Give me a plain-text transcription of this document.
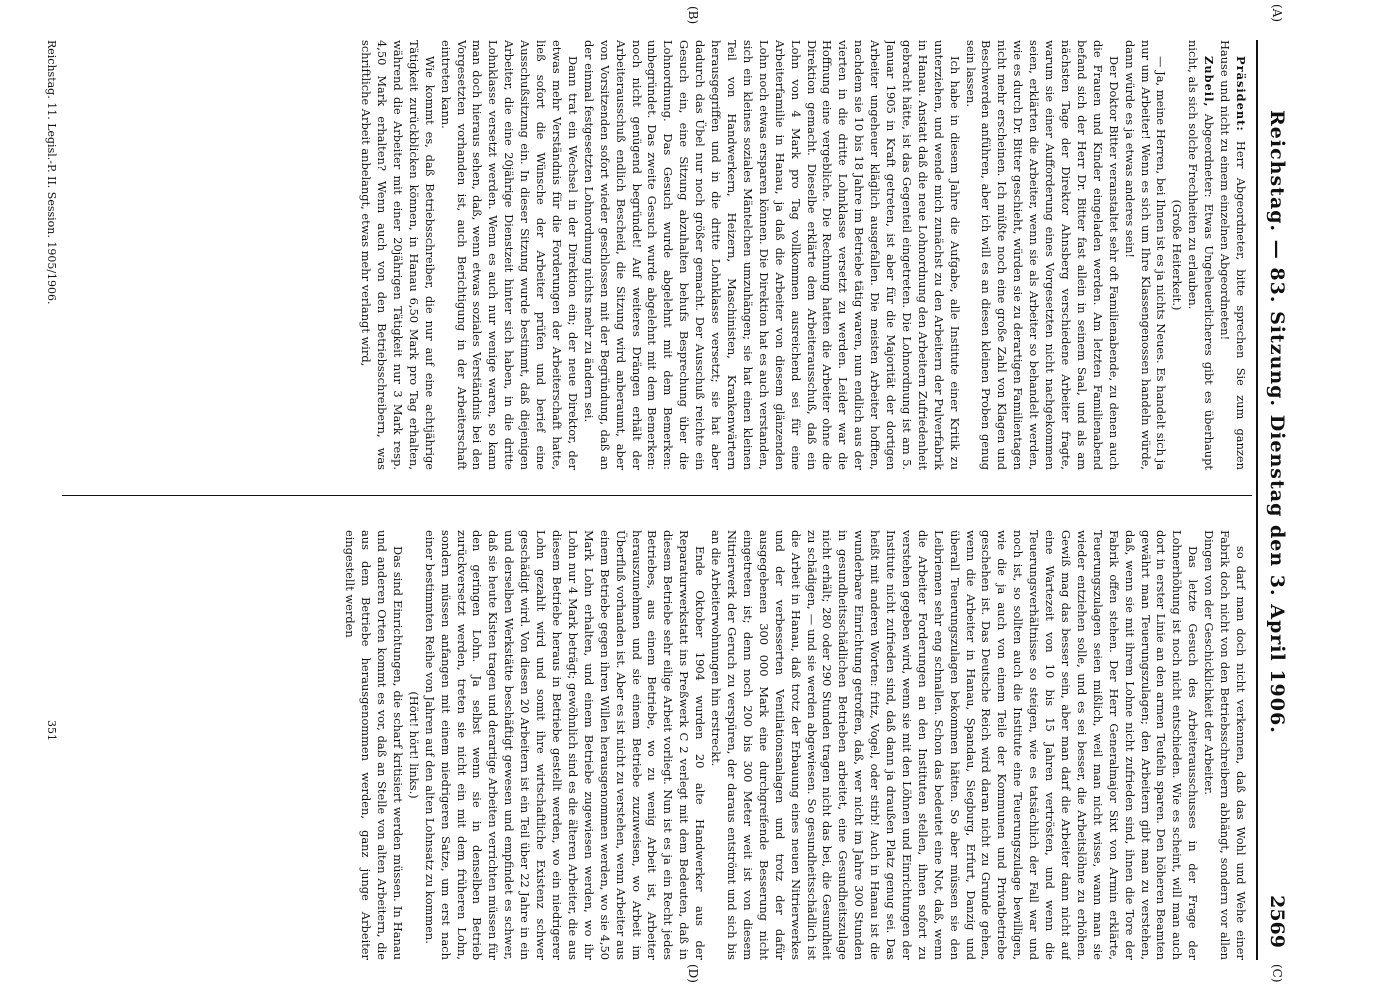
Reichstag. — 83. Sitzung. Dienstag den 3. April 1906.
2569
(A)
(B)
(C)
(D)

Präsident: Herr Abgeordneter, bitte sprechen Sie zum ganzen Hause und nicht zu einem einzelnen Abgeordneten!

Zubeil, Abgeordneter: Etwas Ungeheuerlicheres gibt es überhaupt nicht, als sich solche Frechheiten zu erlauben.

(Große Heiterkeit.)

— Ja, meine Herren, bei Ihnen ist es ja nichts Neues. Es handelt sich ja nur um Arbeiter! Wenn es sich um Ihre Klassengenossen handeln würde, dann würde es ja etwas anderes sein!

Der Doktor Bitter veranstaltet sehr oft Familienabende, zu denen auch die Frauen und Kinder eingeladen werden. Am letzten Familienabend befand sich der Herr Dr. Bitter fast allein in seinem Saal, und als am nächsten Tage der Direktor Ahnsberg verschiedene Arbeiter fragte, warum sie einer Aufforderung eines Vorgesetzten nicht nachgekommen seien, erklärten die Arbeiter, wenn sie als Arbeiter so behandelt werden, wie es durch Dr. Bitter geschieht, würden sie zu derartigen Familientagen nicht mehr erscheinen. Ich müßte noch eine große Zahl von Klagen und Beschwerden anführen, aber ich will es an diesen kleinen Proben genug sein lassen.

Ich habe in diesem Jahre die Aufgabe, alle Institute einer Kritik zu unterziehen, und wende mich zunächst zu den Arbeitern der Pulverfabrik in Hanau. Anstatt daß die neue Lohnordnung den Arbeitern Zufriedenheit gebracht hätte, ist das Gegenteil eingetreten. Die Lohnordnung ist am 5. Januar 1905 in Kraft getreten, ist aber für die Majorität der dortigen Arbeiter ungeheuer kläglich ausgefallen. Die meisten Arbeiter hofften, nachdem sie 10 bis 18 Jahre im Betriebe tätig waren, nun endlich aus der vierten in die dritte Lohnklasse versetzt zu werden. Leider war die Hoffnung eine vergebliche. Die Rechnung hatten die Arbeiter ohne die Direktion gemacht. Dieselbe erklärte dem Arbeiterausschuß, daß ein Lohn von 4 Mark pro Tag vollkommen ausreichend sei für eine Arbeiterfamilie in Hanau, ja daß die Arbeiter von diesem glänzenden Lohn noch etwas ersparen können. Die Direktion hat es auch verstanden, sich ein kleines soziales Mäntelchen umzuhängen; sie hat einen kleinen Teil von Handwerkern, Heizern, Maschinisten, Krankenwärtern herausgegriffen und in die dritte Lohnklasse versetzt; sie hat aber dadurch das Übel nur noch größer gemacht. Der Ausschuß reichte ein Gesuch ein, eine Sitzung abzuhalten behufs Besprechung über die Lohnordnung. Das Gesuch wurde abgelehnt mit dem Bemerken: unbegründet. Das zweite Gesuch wurde abgelehnt mit dem Bemerken: noch nicht genügend begründet! Auf weiteres Drängen erhält der Arbeiterausschuß endlich Bescheid, die Sitzung wird anberaumt, aber von Vorsitzenden sofort wieder geschlossen mit der Begründung, daß an der einmal festgesetzten Lohnordnung nichts mehr zu ändern sei.

Dann trat ein Wechsel in der Direktion ein; der neue Direktor, der etwas mehr Verständnis für die Forderungen der Arbeiterschaft hatte, ließ sofort die Wünsche der Arbeiter prüfen und berief eine Ausschußsitzung ein. In dieser Sitzung wurde bestimmt, daß diejenigen Arbeiter, die eine 20jährige Dienstzeit hinter sich haben, in die dritte Lohnklasse versetzt werden. Wenn es auch nur wenige waren, so kann man doch hieraus sehen, daß, wenn etwas soziales Verständnis bei den Vorgesetzten vorhanden ist, auch Berichtigung in der Arbeiterschaft eintreten kann.

Wie kommt es, daß Betriebsschreiber, die nur auf eine achtjährige Tätigkeit zurückblicken können, in Hanau 6,50 Mark pro Tag erhalten, während die Arbeiter mit einer 20jährigen Tätigkeit nur 3 Mark resp. 4,50 Mark erhalten? Wenn auch von den Betriebsschreibern, was schriftliche Arbeit anbelangt, etwas mehr verlangt wird,

so darf man doch nicht verkennen, daß das Wohl und Wehe einer Fabrik doch nicht von den Betriebsschreibern abhängt, sondern vor allen Dingen von der Geschicklichkeit der Arbeiter.

Das letzte Gesuch des Arbeiterausschusses in der Frage der Lohnerhöhung ist noch nicht entschieden. Wie es scheint, will man auch dort in erster Linie an den armen Teufeln sparen. Den höheren Beamten gewährt man Teuerungszulagen; den Arbeitern gibt man zu verstehen, daß, wenn sie mit ihrem Lohne nicht zufrieden sind, ihnen die Tore der Fabrik offen stehen. Der Herr Generalmajor Sixt von Armin erklärte, Teuerungszulagen seien mißlich, weil man nicht wisse, wann man sie wieder entziehen solle, und es sei besser, die Arbeitslöhne zu erhöhen. Gewiß mag das besser sein, aber man darf die Arbeiter dann nicht auf eine Wartezeit von 10 bis 15 Jahren vertrösten, und wenn die Teuerungsverhältnisse so steigen, wie es tatsächlich der Fall war und noch ist, so sollten auch die Institute eine Teuerungszulage bewilligen, wie die ja auch von einem Teile der Kommunen und Privatbetriebe geschehen ist. Das Deutsche Reich wird daran nicht zu Grunde gehen, wenn die Arbeiter in Hanau, Spandau, Siegburg, Erfurt, Danzig und überall Teuerungszulagen bekommen hätten. So aber müssen sie den Leibriemen sehr eng schnallen. Schon das bedeutet eine Not, daß, wenn die Arbeiter Forderungen an den Instituten stellen, ihnen sofort zu verstehen gegeben wird, wenn sie mit den Löhnen und Einrichtungen der Institute nicht zufrieden sind, daß dann ja draußen Platz genug sei. Das heißt mit anderen Worten: fritz, Vogel, oder stirb! Auch in Hanau ist die wunderbare Einrichtung getroffen, daß, wer nicht im Jahre 300 Stunden in gesundheitsschädlichen Betrieben arbeitet, eine Gesundheitszulage nicht erhält; 280 oder 290 Stunden tragen nicht das bei, die Gesundheit zu schädigen, — und sie werden abgewiesen. So gesundheitsschädlich ist die Arbeit in Hanau, daß trotz der Erbauung eines neuen Nitrierwerkes und der verbesserten Ventilationsanlagen und trotz der dafür ausgegebenen 300 000 Mark eine durchgreifende Besserung nicht eingetreten ist; denn noch 200 bis 300 Meter weit ist von diesem Nitrierwerk der Geruch zu verspüren, der daraus entströmt und sich bis an die Arbeiterwohnungen hin erstreckt.

Ende Oktober 1904 wurden 20 alte Handwerker aus der Reparaturwerkstatt ins Preßwerk C 2 verlegt mit dem Bedeuten, daß in diesem Betriebe sehr eilige Arbeit vorliegt. Nun ist es ja ein Recht jedes Betriebes, aus einem Betriebe, wo zu wenig Arbeit ist, Arbeiter herauszunehmen und sie einem Betriebe zuzuweisen, wo Arbeit im Überfluß vorhanden ist. Aber es ist nicht zu verstehen, wenn Arbeiter aus einem Betriebe gegen ihren Willen herausgenommen werden, wo sie 4,50 Mark Lohn erhalten, und einem Betriebe zugewiesen werden, wo ihr Lohn nur 4 Mark beträgt; gewöhnlich sind es die älteren Arbeiter, die aus diesem Betriebe heraus in Betriebe gestellt werden, wo ein niedrigerer Lohn gezahlt wird und somit ihre wirtschaftliche Existenz schwer geschädigt wird. Von diesen 20 Arbeitern ist ein Teil über 22 Jahre in ein und derselben Werkstätte beschäftigt gewesen und empfindet es schwer, daß sie heute Kisten tragen und derartige Arbeiten verrichten müssen für den geringen Lohn. Ja selbst wenn sie in denselben Betrieb zurückversetzt werden, treten sie nicht ein mit dem früheren Lohn, sondern müssen anfangen mit einem niedrigeren Satze, um erst nach einer bestimmten Reihe von Jahren auf den alten Lohnsatz zu kommen.

(Hört! hört! links.)

Das sind Einrichtungen, die scharf kritisiert werden müssen. In Hanau und anderen Orten kommt es vor, daß an Stelle von alten Arbeitern, die aus dem Betriebe herausgenommen werden, ganz junge Arbeiter eingestellt werden

Reichstag. 11. Legisl.-P. II. Session. 1905/1906.
351
